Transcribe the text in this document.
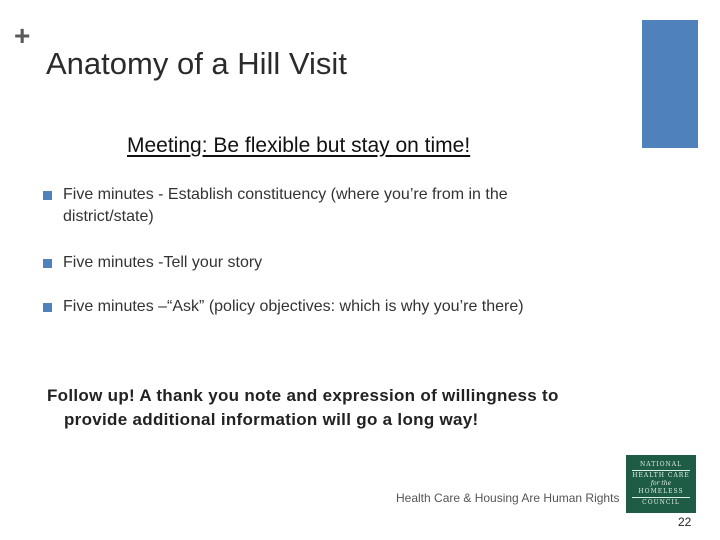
+
Anatomy of a Hill Visit
Meeting: Be flexible but stay on time!
Five minutes - Establish constituency (where you’re from in the district/state)
Five minutes -Tell your story
Five minutes –“Ask” (policy objectives: which is why you’re there)
Follow up! A thank you note and expression of willingness to
provide additional information will go a long way!
Health Care & Housing Are Human Rights
NATIONAL
HEALTH CARE
for the
HOMELESS
COUNCIL
22
